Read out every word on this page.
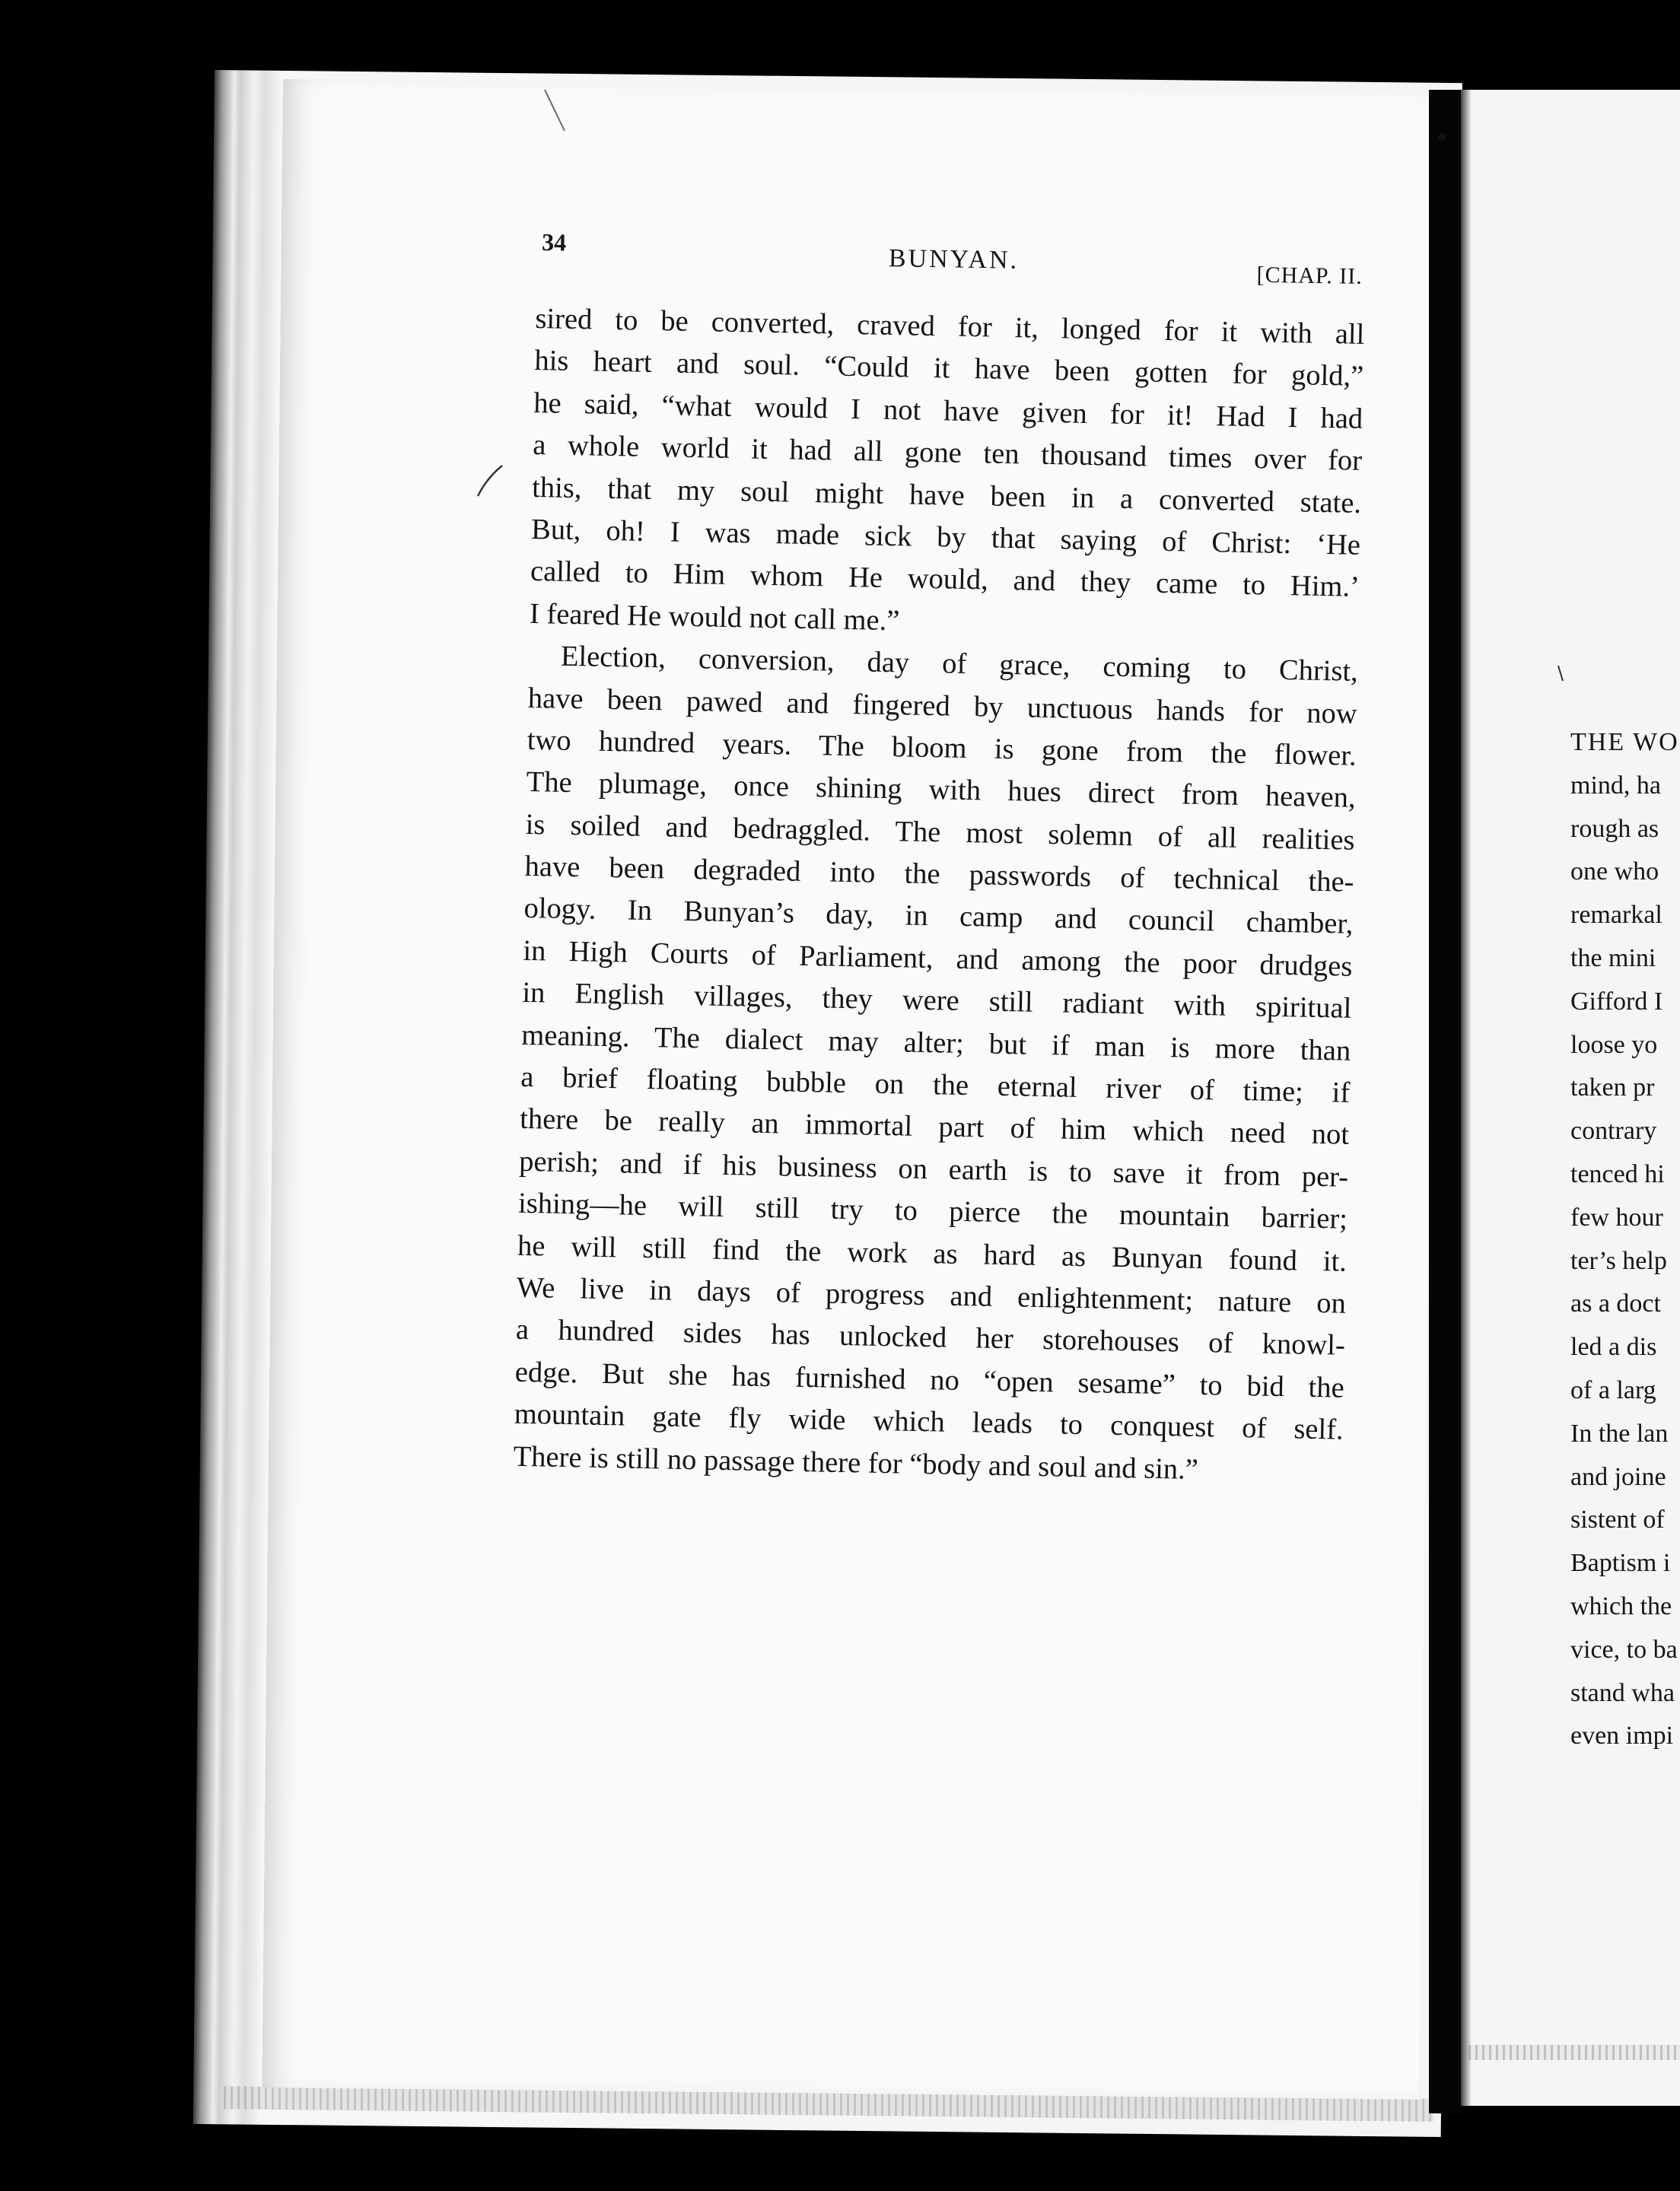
34
BUNYAN.
[CHAP. II.
sired to be converted, craved for it, longed for it with all
his heart and soul. “Could it have been gotten for gold,”
he said, “what would I not have given for it! Had I had
a whole world it had all gone ten thousand times over for
this, that my soul might have been in a converted state.
But, oh! I was made sick by that saying of Christ: ‘He
called to Him whom He would, and they came to Him.’
I feared He would not call me.”
Election, conversion, day of grace, coming to Christ,
have been pawed and fingered by unctuous hands for now
two hundred years. The bloom is gone from the flower.
The plumage, once shining with hues direct from heaven,
is soiled and bedraggled. The most solemn of all realities
have been degraded into the passwords of technical the-
ology. In Bunyan’s day, in camp and council chamber,
in High Courts of Parliament, and among the poor drudges
in English villages, they were still radiant with spiritual
meaning. The dialect may alter; but if man is more than
a brief floating bubble on the eternal river of time; if
there be really an immortal part of him which need not
perish; and if his business on earth is to save it from per-
ishing—he will still try to pierce the mountain barrier;
he will still find the work as hard as Bunyan found it.
We live in days of progress and enlightenment; nature on
a hundred sides has unlocked her storehouses of knowl-
edge. But she has furnished no “open sesame” to bid the
mountain gate fly wide which leads to conquest of self.
There is still no passage there for “body and soul and sin.”
THE WO
mind, ha
rough as
one who
remarkal
the mini
Gifford I
loose yo
taken pr
contrary
tenced hi
few hour
ter’s help
as a doct
led a dis
of a larg
In the lan
and joine
sistent of
Baptism i
which the
vice, to ba
stand wha
even impi
